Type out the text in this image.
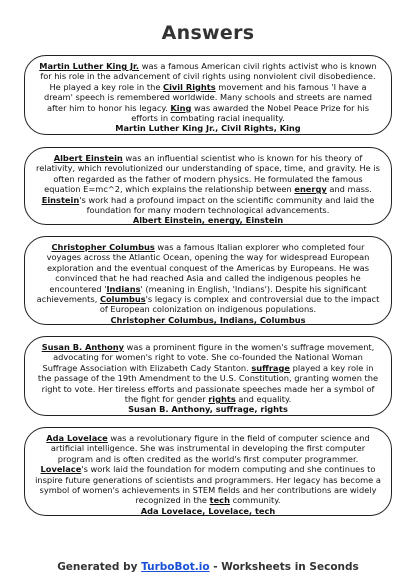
Answers
Martin Luther King Jr. was a famous American civil rights activist who is known for his role in the advancement of civil rights using nonviolent civil disobedience. He played a key role in the Civil Rights movement and his famous 'I have a dream' speech is remembered worldwide. Many schools and streets are named after him to honor his legacy. King was awarded the Nobel Peace Prize for his efforts in combating racial inequality.
Martin Luther King Jr., Civil Rights, King
Albert Einstein was an influential scientist who is known for his theory of relativity, which revolutionized our understanding of space, time, and gravity. He is often regarded as the father of modern physics. He formulated the famous equation E=mc^2, which explains the relationship between energy and mass. Einstein's work had a profound impact on the scientific community and laid the foundation for many modern technological advancements.
Albert Einstein, energy, Einstein
Christopher Columbus was a famous Italian explorer who completed four voyages across the Atlantic Ocean, opening the way for widespread European exploration and the eventual conquest of the Americas by Europeans. He was convinced that he had reached Asia and called the indigenous peoples he encountered 'Indians' (meaning in English, 'Indians'). Despite his significant achievements, Columbus's legacy is complex and controversial due to the impact of European colonization on indigenous populations.
Christopher Columbus, Indians, Columbus
Susan B. Anthony was a prominent figure in the women's suffrage movement, advocating for women's right to vote. She co-founded the National Woman Suffrage Association with Elizabeth Cady Stanton. suffrage played a key role in the passage of the 19th Amendment to the U.S. Constitution, granting women the right to vote. Her tireless efforts and passionate speeches made her a symbol of the fight for gender rights and equality.
Susan B. Anthony, suffrage, rights
Ada Lovelace was a revolutionary figure in the field of computer science and artificial intelligence. She was instrumental in developing the first computer program and is often credited as the world's first computer programmer. Lovelace's work laid the foundation for modern computing and she continues to inspire future generations of scientists and programmers. Her legacy has become a symbol of women's achievements in STEM fields and her contributions are widely recognized in the tech community.
Ada Lovelace, Lovelace, tech
Generated by TurboBot.io - Worksheets in Seconds
